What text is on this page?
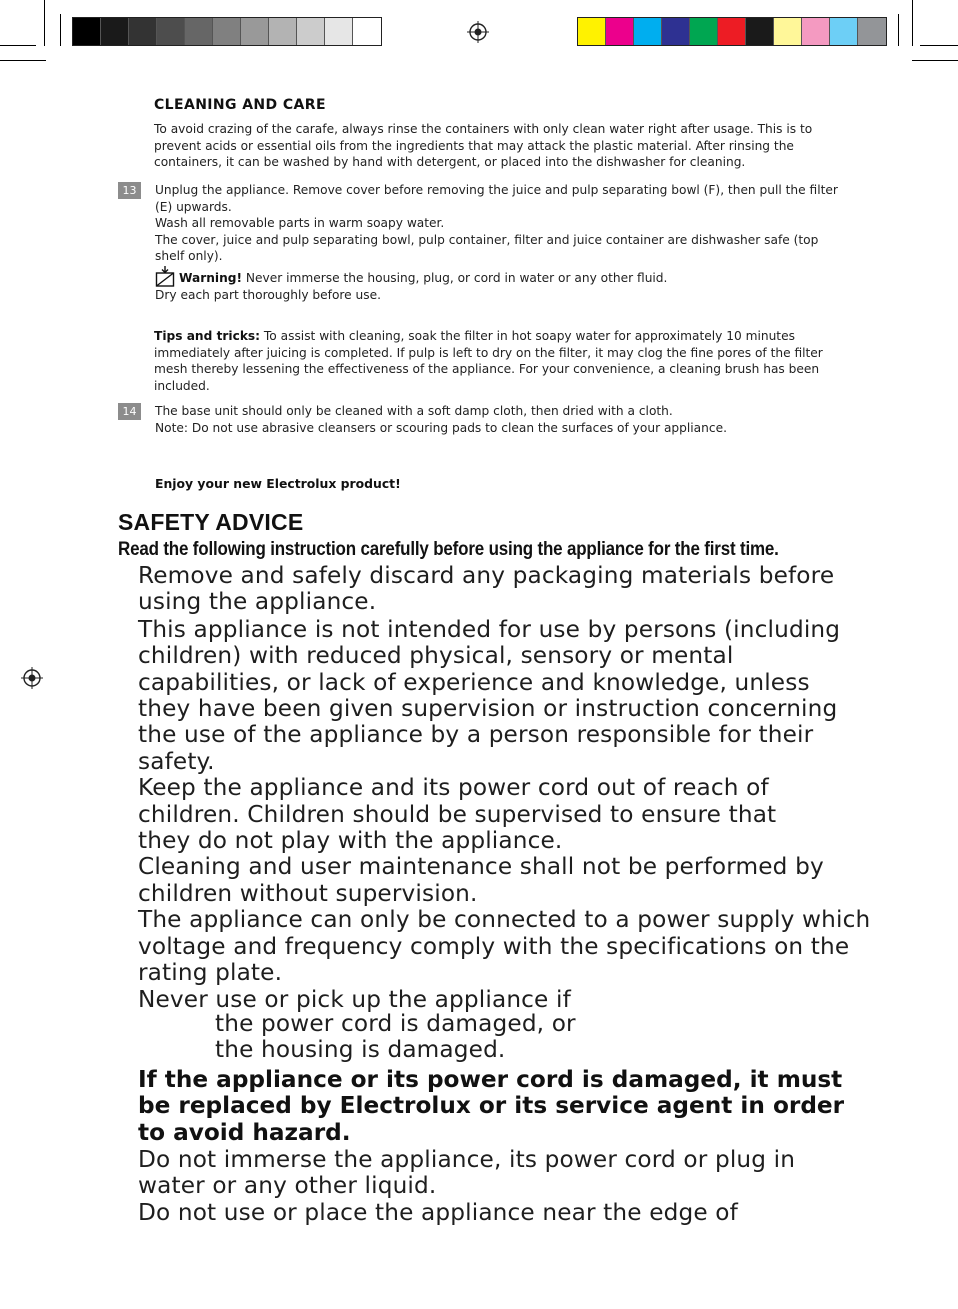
CLEANING AND CARE

To avoid crazing of the carafe, always rinse the containers with only clean water right after usage. This is to prevent acids or essential oils from the ingredients that may attack the plastic material. After rinsing the containers, it can be washed by hand with detergent, or placed into the dishwasher for cleaning.

13	Unplug the appliance. Remove cover before removing the juice and pulp separating bowl (F), then pull the filter (E) upwards.

Wash all removable parts in warm soapy water.

The cover, juice and pulp separating bowl, pulp container, filter and juice container are dishwasher safe (top shelf only).

Warning! Never immerse the housing, plug, or cord in water or any other fluid.

Dry each part thoroughly before use.

Tips and tricks: To assist with cleaning, soak the filter in hot soapy water for approximately 10 minutes immediately after juicing is completed. If pulp is left to dry on the filter, it may clog the fine pores of the filter mesh thereby lessening the effectiveness of the appliance. For your convenience, a cleaning brush has been included.

14	The base unit should only be cleaned with a soft damp cloth, then dried with a cloth.

Note: Do not use abrasive cleansers or scouring pads to clean the surfaces of your appliance.

Enjoy your new Electrolux product!
SAFETY ADVICE
Read the following instruction carefully before using the appliance for the first time.

Remove and safely discard any packaging materials before using the appliance.

This appliance is not intended for use by persons (including children) with reduced physical, sensory or mental capabilities, or lack of experience and knowledge, unless they have been given supervision or instruction concerning the use of the appliance by a person responsible for their safety.

Keep the appliance and its power cord out of reach of children. Children should be supervised to ensure that they do not play with the appliance.

Cleaning and user maintenance shall not be performed by children without supervision.

The appliance can only be connected to a power supply which voltage and frequency comply with the specifications on the rating plate.

Never use or pick up the appliance if

the power cord is damaged, or

the housing is damaged.

If the appliance or its power cord is damaged, it must be replaced by Electrolux or its service agent in order to avoid hazard.

Do not immerse the appliance, its power cord or plug in water or any other liquid.

Do not use or place the appliance near the edge of
